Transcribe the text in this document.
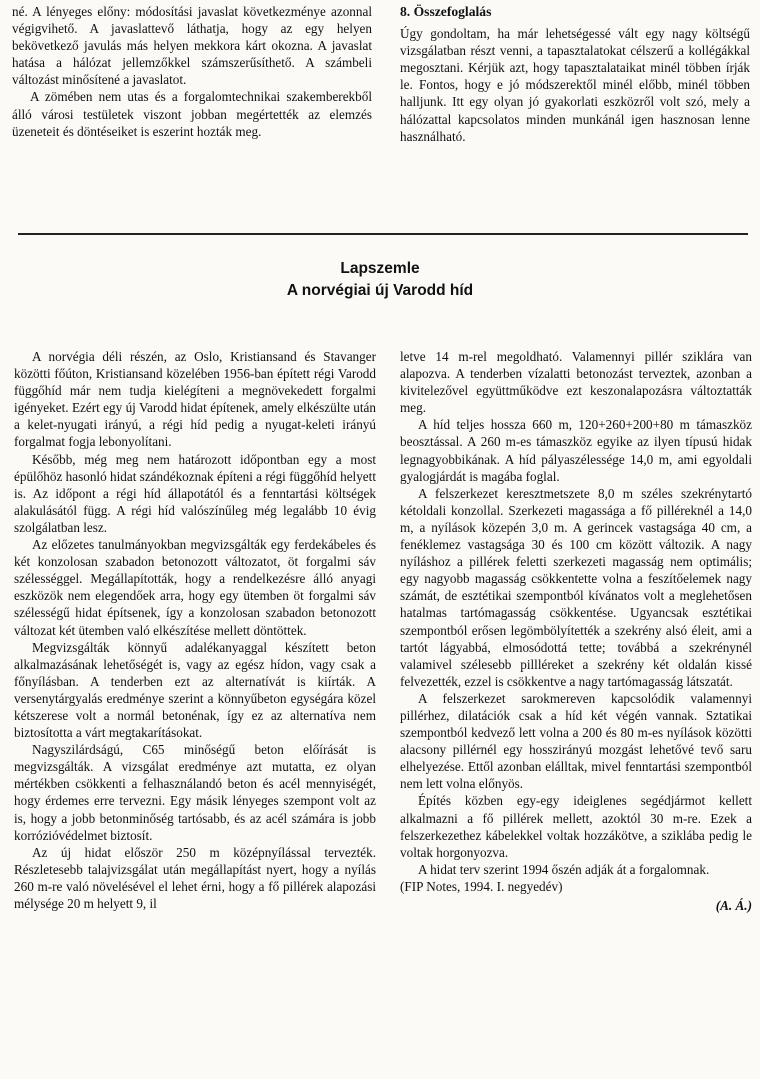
né. A lényeges előny: módosítási javaslat következménye azonnal végigvihető. A javaslattevő láthatja, hogy az egy helyen bekövetkező javulás más helyen mekkora kárt okozna. A javaslat hatása a hálózat jellemzőkkel számszerűsíthető. A számbeli változást minősítené a javaslatot.

A zömében nem utas és a forgalomtechnikai szakemberekből álló városi testületek viszont jobban megértették az elemzés üzeneteit és döntéseiket is eszerint hozták meg.

8. Összefoglalás

Úgy gondoltam, ha már lehetségessé vált egy nagy költségű vizsgálatban részt venni, a tapasztalatokat célszerű a kollégákkal megosztani. Kérjük azt, hogy tapasztalataikat minél többen írják le. Fontos, hogy e jó módszerektől minél előbb, minél többen halljunk. Itt egy olyan jó gyakorlati eszközről volt szó, mely a hálózattal kapcsolatos minden munkánál igen hasznosan lenne használható.

Lapszemle
A norvégiai új Varodd híd

A norvégia déli részén, az Oslo, Kristiansand és Stavanger közötti főúton, Kristiansand közelében 1956-ban épített régi Varodd függőhíd már nem tudja kielégíteni a megnövekedett forgalmi igényeket. Ezért egy új Varodd hidat építenek, amely elkészülte után a kelet-nyugati irányú, a régi híd pedig a nyugat-keleti irányú forgalmat fogja lebonyolítani.

Később, még meg nem határozott időpontban egy a most épülőhöz hasonló hidat szándékoznak építeni a régi függőhíd helyett is. Az időpont a régi híd állapotától és a fenntartási költségek alakulásától függ. A régi híd valószínűleg még legalább 10 évig szolgálatban lesz.

Az előzetes tanulmányokban megvizsgálták egy ferdekábeles és két konzolosan szabadon betonozott változatot, öt forgalmi sáv szélességgel. Megállapították, hogy a rendelkezésre álló anyagi eszközök nem elegendőek arra, hogy egy ütemben öt forgalmi sáv szélességű hidat építsenek, így a konzolosan szabadon betonozott változat két ütemben való elkészítése mellett döntöttek.

Megvizsgálták könnyű adalékanyaggal készített beton alkalmazásának lehetőségét is, vagy az egész hídon, vagy csak a főnyílásban. A tenderben ezt az alternatívát is kiírták. A versenytárgyalás eredménye szerint a könnyűbeton egységára közel kétszerese volt a normál betonénak, így ez az alternatíva nem biztosította a várt megtakarításokat.

Nagyszilárdságú, C65 minőségű beton előírását is megvizsgálták. A vizsgálat eredménye azt mutatta, ez olyan mértékben csökkenti a felhasználandó beton és acél mennyiségét, hogy érdemes erre tervezni. Egy másik lényeges szempont volt az is, hogy a jobb betonminőség tartósabb, és az acél számára is jobb korrózióvédelmet biztosít.

Az új hidat először 250 m középnyílással tervezték. Részletesebb talajvizsgálat után megállapítást nyert, hogy a nyílás 260 m-re való növelésével el lehet érni, hogy a fő pillérek alapozási mélysége 20 m helyett 9, il

letve 14 m-rel megoldható. Valamennyi pillér sziklára van alapozva. A tenderben vízalatti betonozást terveztek, azonban a kivitelezővel együttműködve ezt keszonalapozásra változtatták meg.

A híd teljes hossza 660 m, 120+260+200+80 m támaszköz beosztással. A 260 m-es támaszköz egyike az ilyen típusú hidak legnagyobbikának. A híd pályaszélessége 14,0 m, ami egyoldali gyalogjárdát is magába foglal.

A felszerkezet keresztmetszete 8,0 m széles szekrénytartó kétoldali konzollal. Szerkezeti magassága a fő pilléreknél a 14,0 m, a nyílások közepén 3,0 m. A gerincek vastagsága 40 cm, a fenéklemez vastagsága 30 és 100 cm között változik. A nagy nyíláshoz a pillérek feletti szerkezeti magasság nem optimális; egy nagyobb magasság csökkentette volna a feszítőelemek nagy számát, de esztétikai szempontból kívánatos volt a meglehetősen hatalmas tartómagasság csökkentése. Ugyancsak esztétikai szempontból erősen legömbölyítették a szekrény alsó éleit, ami a tartót lágyabbá, elmosódottá tette; továbbá a szekrénynél valamivel szélesebb pillléreket a szekrény két oldalán kissé felvezették, ezzel is csökkentve a nagy tartómagasság látszatát.

A felszerkezet sarokmereven kapcsolódik valamennyi pillérhez, dilatációk csak a híd két végén vannak. Sztatikai szempontból kedvező lett volna a 200 és 80 m-es nyílások közötti alacsony pillérnél egy hosszirányú mozgást lehetővé tevő saru elhelyezése. Ettől azonban elálltak, mivel fenntartási szempontból nem lett volna előnyös.

Építés közben egy-egy ideiglenes segédjármot kellett alkalmazni a fő pillérek mellett, azoktól 30 m-re. Ezek a felszerkezethez kábelekkel voltak hozzákötve, a sziklába pedig le voltak horgonyozva.

A hidat terv szerint 1994 őszén adják át a forgalomnak.

(FIP Notes, 1994. I. negyedév)

(A. Á.)
